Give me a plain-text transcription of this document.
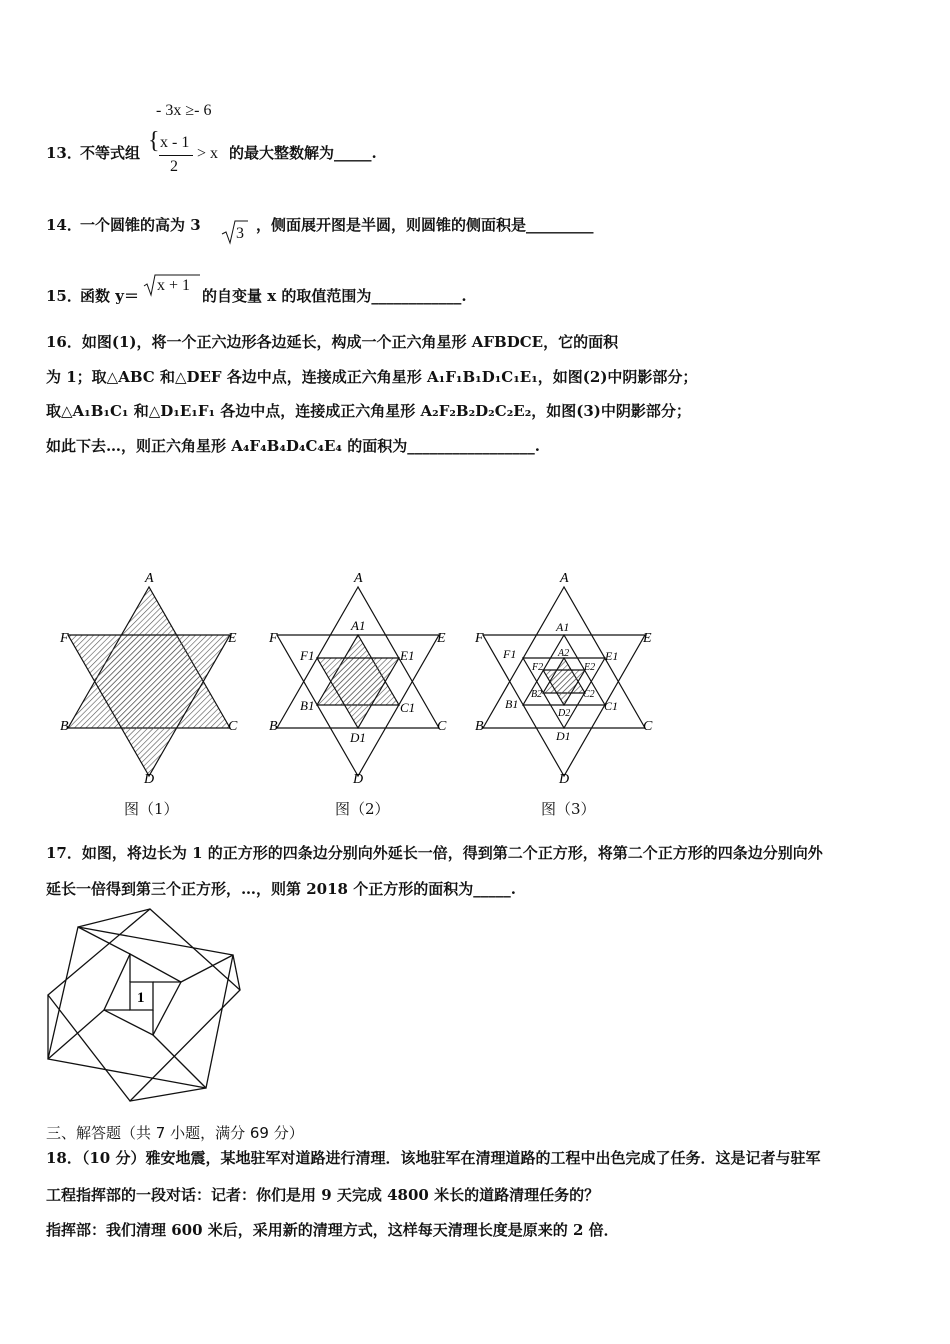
- 3x ≥- 6
13．
不等式组 { x - 1
2
> x 的最大整数解为_____.
14．
一个圆锥的高为 3 3 ，侧面展开图是半圆，则圆锥的侧面积是_________
15．
函数 y＝
x + 1
的自变量 x 的取值范围为____________.
16．如图(1)，将一个正六边形各边延长，构成一个正六角星形 AFBDCE，它的面积
为 1；取△ABC 和△DEF 各边中点，连接成正六角星形 A₁F₁B₁D₁C₁E₁，如图(2)中阴影部分；
取△A₁B₁C₁ 和△D₁E₁F₁ 各边中点，连接成正六角星形 A₂F₂B₂D₂C₂E₂，如图(3)中阴影部分；
如此下去…，则正六角星形 A₄F₄B₄D₄C₄E₄ 的面积为_________________.
A
E
C
D
B
F
A
E
C
D
B
F
A1
E1
C1
D1
B1
F1
A
E
C
D
B
F
A1
E1
C1
D1
B1
F1	A2
E2
C2
D2
B2
F2
图（1）	图（2）	图（3）
17．如图，将边长为 1 的正方形的四条边分别向外延长一倍，得到第二个正方形，将第二个正方形的四条边分别向外
延长一倍得到第三个正方形，…，则第 2018 个正方形的面积为_____.
1
三、解答题（共 7 小题，满分 69 分）
18．（10 分）雅安地震，某地驻军对道路进行清理．该地驻军在清理道路的工程中出色完成了任务．这是记者与驻军
工程指挥部的一段对话：记者：你们是用 9 天完成 4800 米长的道路清理任务的？
指挥部：我们清理 600 米后，采用新的清理方式，这样每天清理长度是原来的 2 倍．
